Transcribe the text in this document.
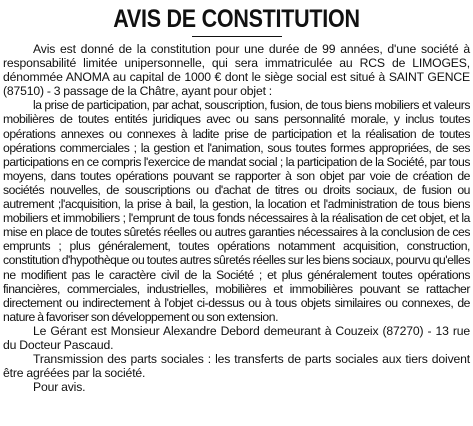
AVIS DE CONSTITUTION

Avis est donné de la constitution pour une durée de 99 années, d'une société à responsabilité limitée unipersonnelle, qui sera immatriculée au RCS de LIMOGES, dénommée ANOMA au capital de 1000 € dont le siège social est situé à SAINT GENCE (87510) - 3 passage de la Châtre, ayant pour objet :

la prise de participation, par achat, souscription, fusion, de tous biens mobiliers et valeurs mobilières de toutes entités juridiques avec ou sans personnalité morale, y inclus toutes opérations annexes ou connexes à ladite prise de participation et la réalisation de toutes opérations commerciales ; la gestion et l'animation, sous toutes formes appropriées, de ses participations en ce compris l'exercice de mandat social ; la participation de la Société, par tous moyens, dans toutes opérations pouvant se rapporter à son objet par voie de création de sociétés nouvelles, de souscriptions ou d'achat de titres ou droits sociaux, de fusion ou autrement ;l'acquisition, la prise à bail, la gestion, la location et l'administration de tous biens mobiliers et immobiliers ; l'emprunt de tous fonds nécessaires à la réalisation de cet objet, et la mise en place de toutes sûretés réelles ou autres garanties nécessaires à la conclusion de ces emprunts ; plus généralement, toutes opérations notamment acquisition, construction, constitution d'hypothèque ou toutes autres sûretés réelles sur les biens sociaux, pourvu qu'elles ne modifient pas le caractère civil de la Société ; et plus généralement toutes opérations financières, commerciales, industrielles, mobilières et immobilières pouvant se rattacher directement ou indirectement à l'objet ci-dessus ou à tous objets similaires ou connexes, de nature à favoriser son développement ou son extension.

Le Gérant est Monsieur Alexandre Debord demeurant à Couzeix (87270) - 13 rue du Docteur Pascaud.

Transmission des parts sociales : les transferts de parts sociales aux tiers doivent être agréées par la société.

Pour avis.
